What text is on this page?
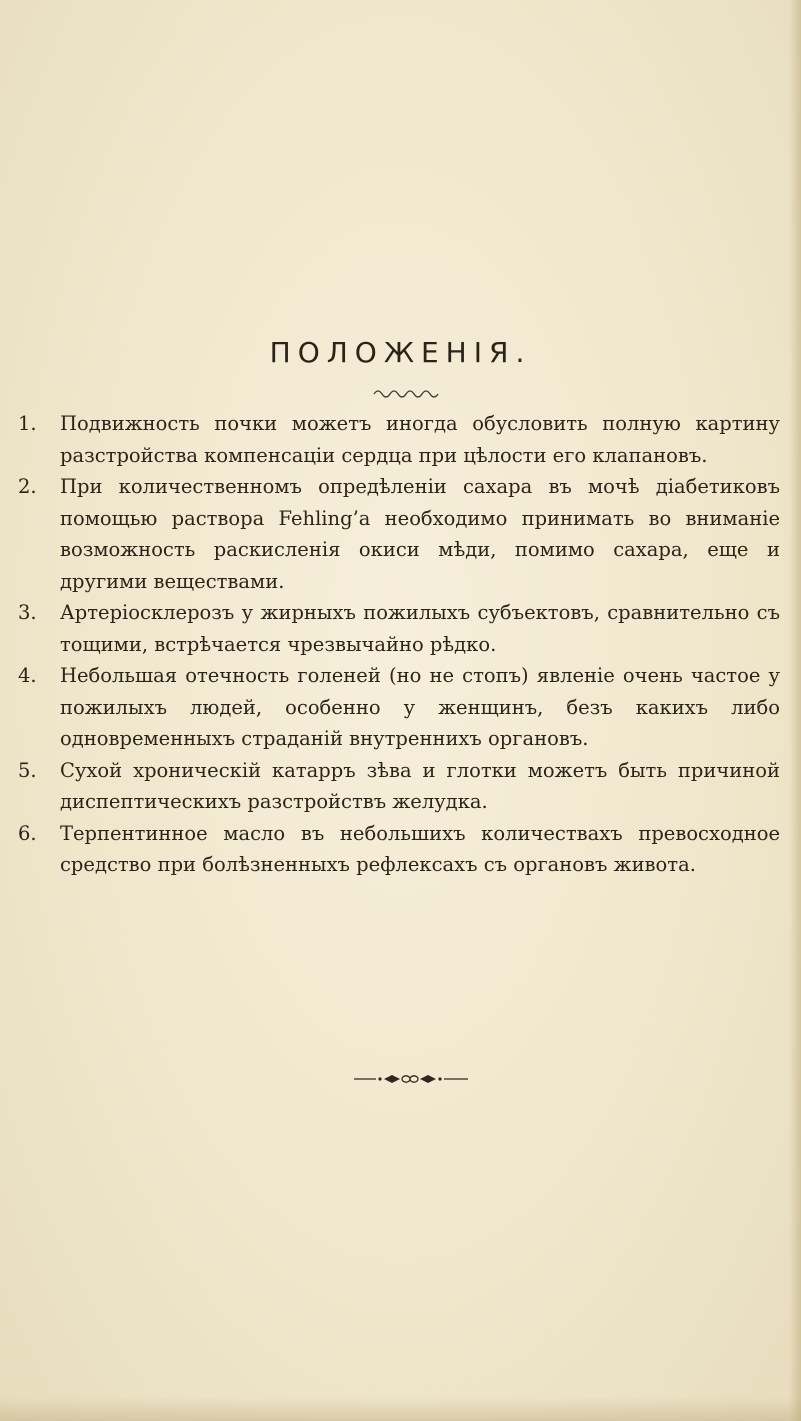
ПОЛОЖЕНІЯ.
1.	Подвижность почки можетъ иногда обусловить полную картину разстройства компенсаціи сердца при цѣлости его клапановъ.
2.	При количественномъ опредѣленіи сахара въ мочѣ діабетиковъ помощью раствора Fehling’а необходимо принимать во вниманіе возможность раскисленія окиси мѣди, помимо сахара, еще и другими веществами.
3.	Артеріосклерозъ у жирныхъ пожилыхъ субъектовъ, сравнительно съ тощими, встрѣчается чрезвычайно рѣдко.
4.	Небольшая отечность голеней (но не стопъ) явленіе очень частое у пожилыхъ людей, особенно у женщинъ, безъ какихъ либо одновременныхъ страданій внутреннихъ органовъ.
5.	Сухой хроническій катарръ зѣва и глотки можетъ быть причиной диспептическихъ разстройствъ желудка.
6.	Терпентинное масло въ небольшихъ количествахъ превосходное средство при болѣзненныхъ рефлексахъ съ органовъ живота.
